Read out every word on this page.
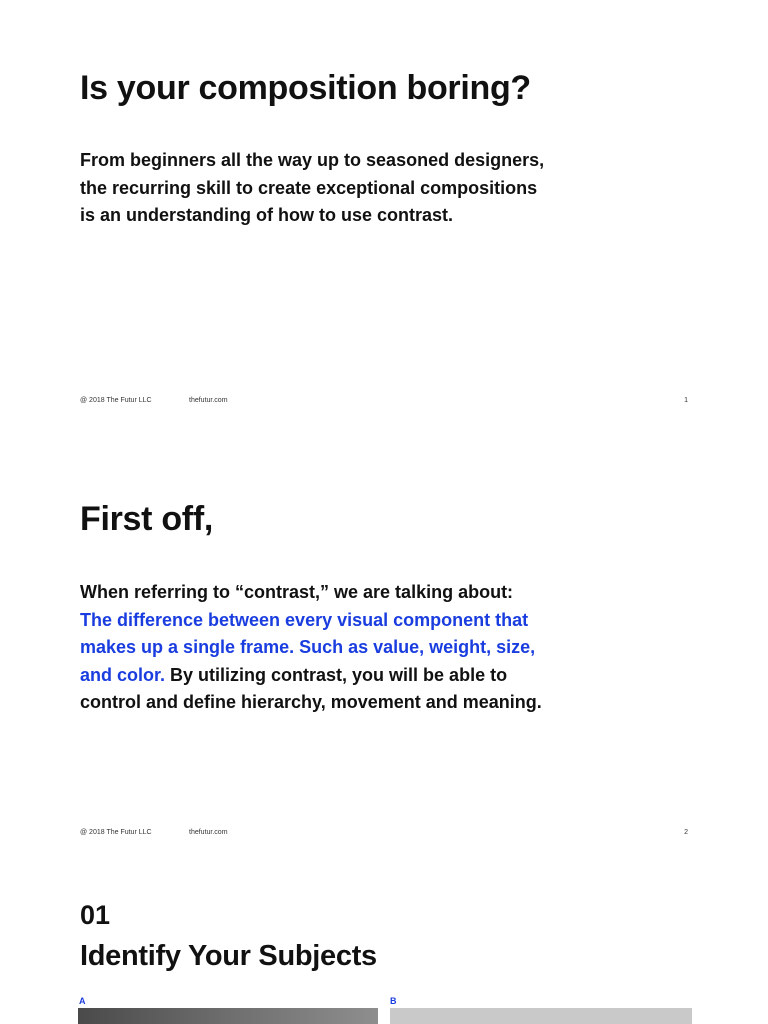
Is your composition boring?

From beginners all the way up to seasoned designers,
the recurring skill to create exceptional compositions
is an understanding of how to use contrast.

@ 2018 The Futur LLC	thefutur.com	1
First off,

When referring to “contrast,” we are talking about:
The difference between every visual component that
makes up a single frame. Such as value, weight, size,
and color. By utilizing contrast, you will be able to
control and define hierarchy, movement and meaning.

@ 2018 The Futur LLC	thefutur.com	2
01
Identify Your Subjects
A	B
